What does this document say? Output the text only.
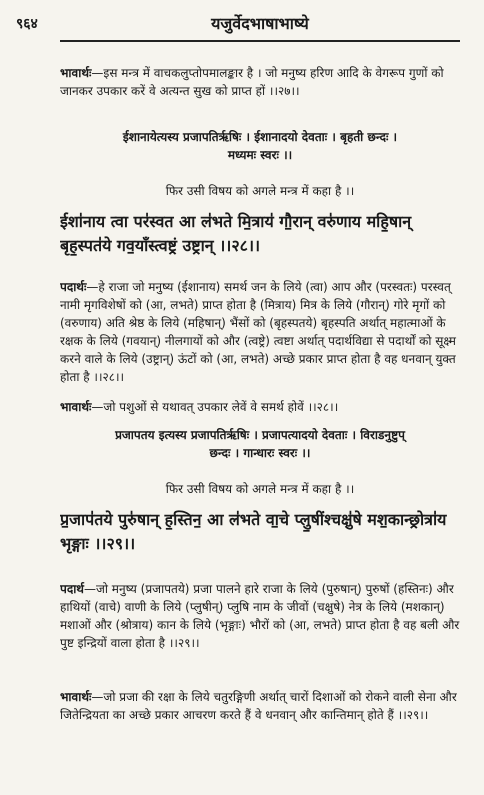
९६४	यजुर्वेदभाषाभाष्ये
भावार्थः—इस मन्त्र में वाचकलुप्तोपमालङ्कार है । जो मनुष्य हरिण आदि के वेगरूप गुणों को जानकर उपकार करें वे अत्यन्त सुख को प्राप्त हों ।।२७।।
ईशानायेत्यस्य प्रजापतिर्ऋषिः । ईशानादयो देवताः । बृहती छन्दः ।
मध्यमः स्वरः ।।
फिर उसी विषय को अगले मन्त्र में कहा है ।।
ईशा॑नाय त्वा पर॑स्वत आ ल॑भते मि॒त्राय॑ गौ॒रान् वरु॑णाय महि॒षान् बृह॒स्पत॑ये गव॒याँस्त्वष्ट्रं उष्ट्रान् ।।२८।।
पदार्थः—हे राजा जो मनुष्य (ईशानाय) समर्थ जन के लिये (त्वा) आप और (परस्वतः) परस्वत् नामी मृगविशेषों को (आ, लभते) प्राप्त होता है (मित्राय) मित्र के लिये (गौरान्) गोरे मृगों को (वरुणाय) अति श्रेष्ठ के लिये (महिषान्) भैंसों को (बृहस्पतये) बृहस्पति अर्थात् महात्माओं के रक्षक के लिये (गवयान्) नीलगायों को और (त्वष्ट्रे) त्वष्टा अर्थात् पदार्थविद्या से पदार्थों को सूक्ष्म करने वाले के लिये (उष्ट्रान्) ऊंटों को (आ, लभते) अच्छे प्रकार प्राप्त होता है वह धनवान् युक्त होता है ।।२८।।
भावार्थः—जो पशुओं से यथावत् उपकार लेवें वे समर्थ होवें ।।२८।।
प्रजापतय इत्यस्य प्रजापतिर्ऋषिः । प्रजापत्यादयो देवताः । विराडनुष्टुप्
छन्दः । गान्धारः स्वरः ।।
फिर उसी विषय को अगले मन्त्र में कहा है ।।
प्र॒जाप॑तये पुरु॑षान् ह॒स्तिन॒ आ ल॑भते वा॒चे प्लु॒षींश्चक्षु॑षे मश॒कान्छ्रोत्रा॑य भृङ्गाः ।।२९।।
पदार्थ—जो मनुष्य (प्रजापतये) प्रजा पालने हारे राजा के लिये (पुरुषान्) पुरुषों (हस्तिनः) और हाथियों (वाचे) वाणी के लिये (प्लुषीन्) प्लुषि नाम के जीवों (चक्षुषे) नेत्र के लिये (मशकान्) मशाओं और (श्रोत्राय) कान के लिये (भृङ्गाः) भौरों को (आ, लभते) प्राप्त होता है वह बली और पुष्ट इन्द्रियों वाला होता है ।।२९।।
भावार्थः—जो प्रजा की रक्षा के लिये चतुरङ्गिणी अर्थात् चारों दिशाओं को रोकने वाली सेना और जितेन्द्रियता का अच्छे प्रकार आचरण करते हैं वे धनवान् और कान्तिमान् होते हैं ।।२९।।
